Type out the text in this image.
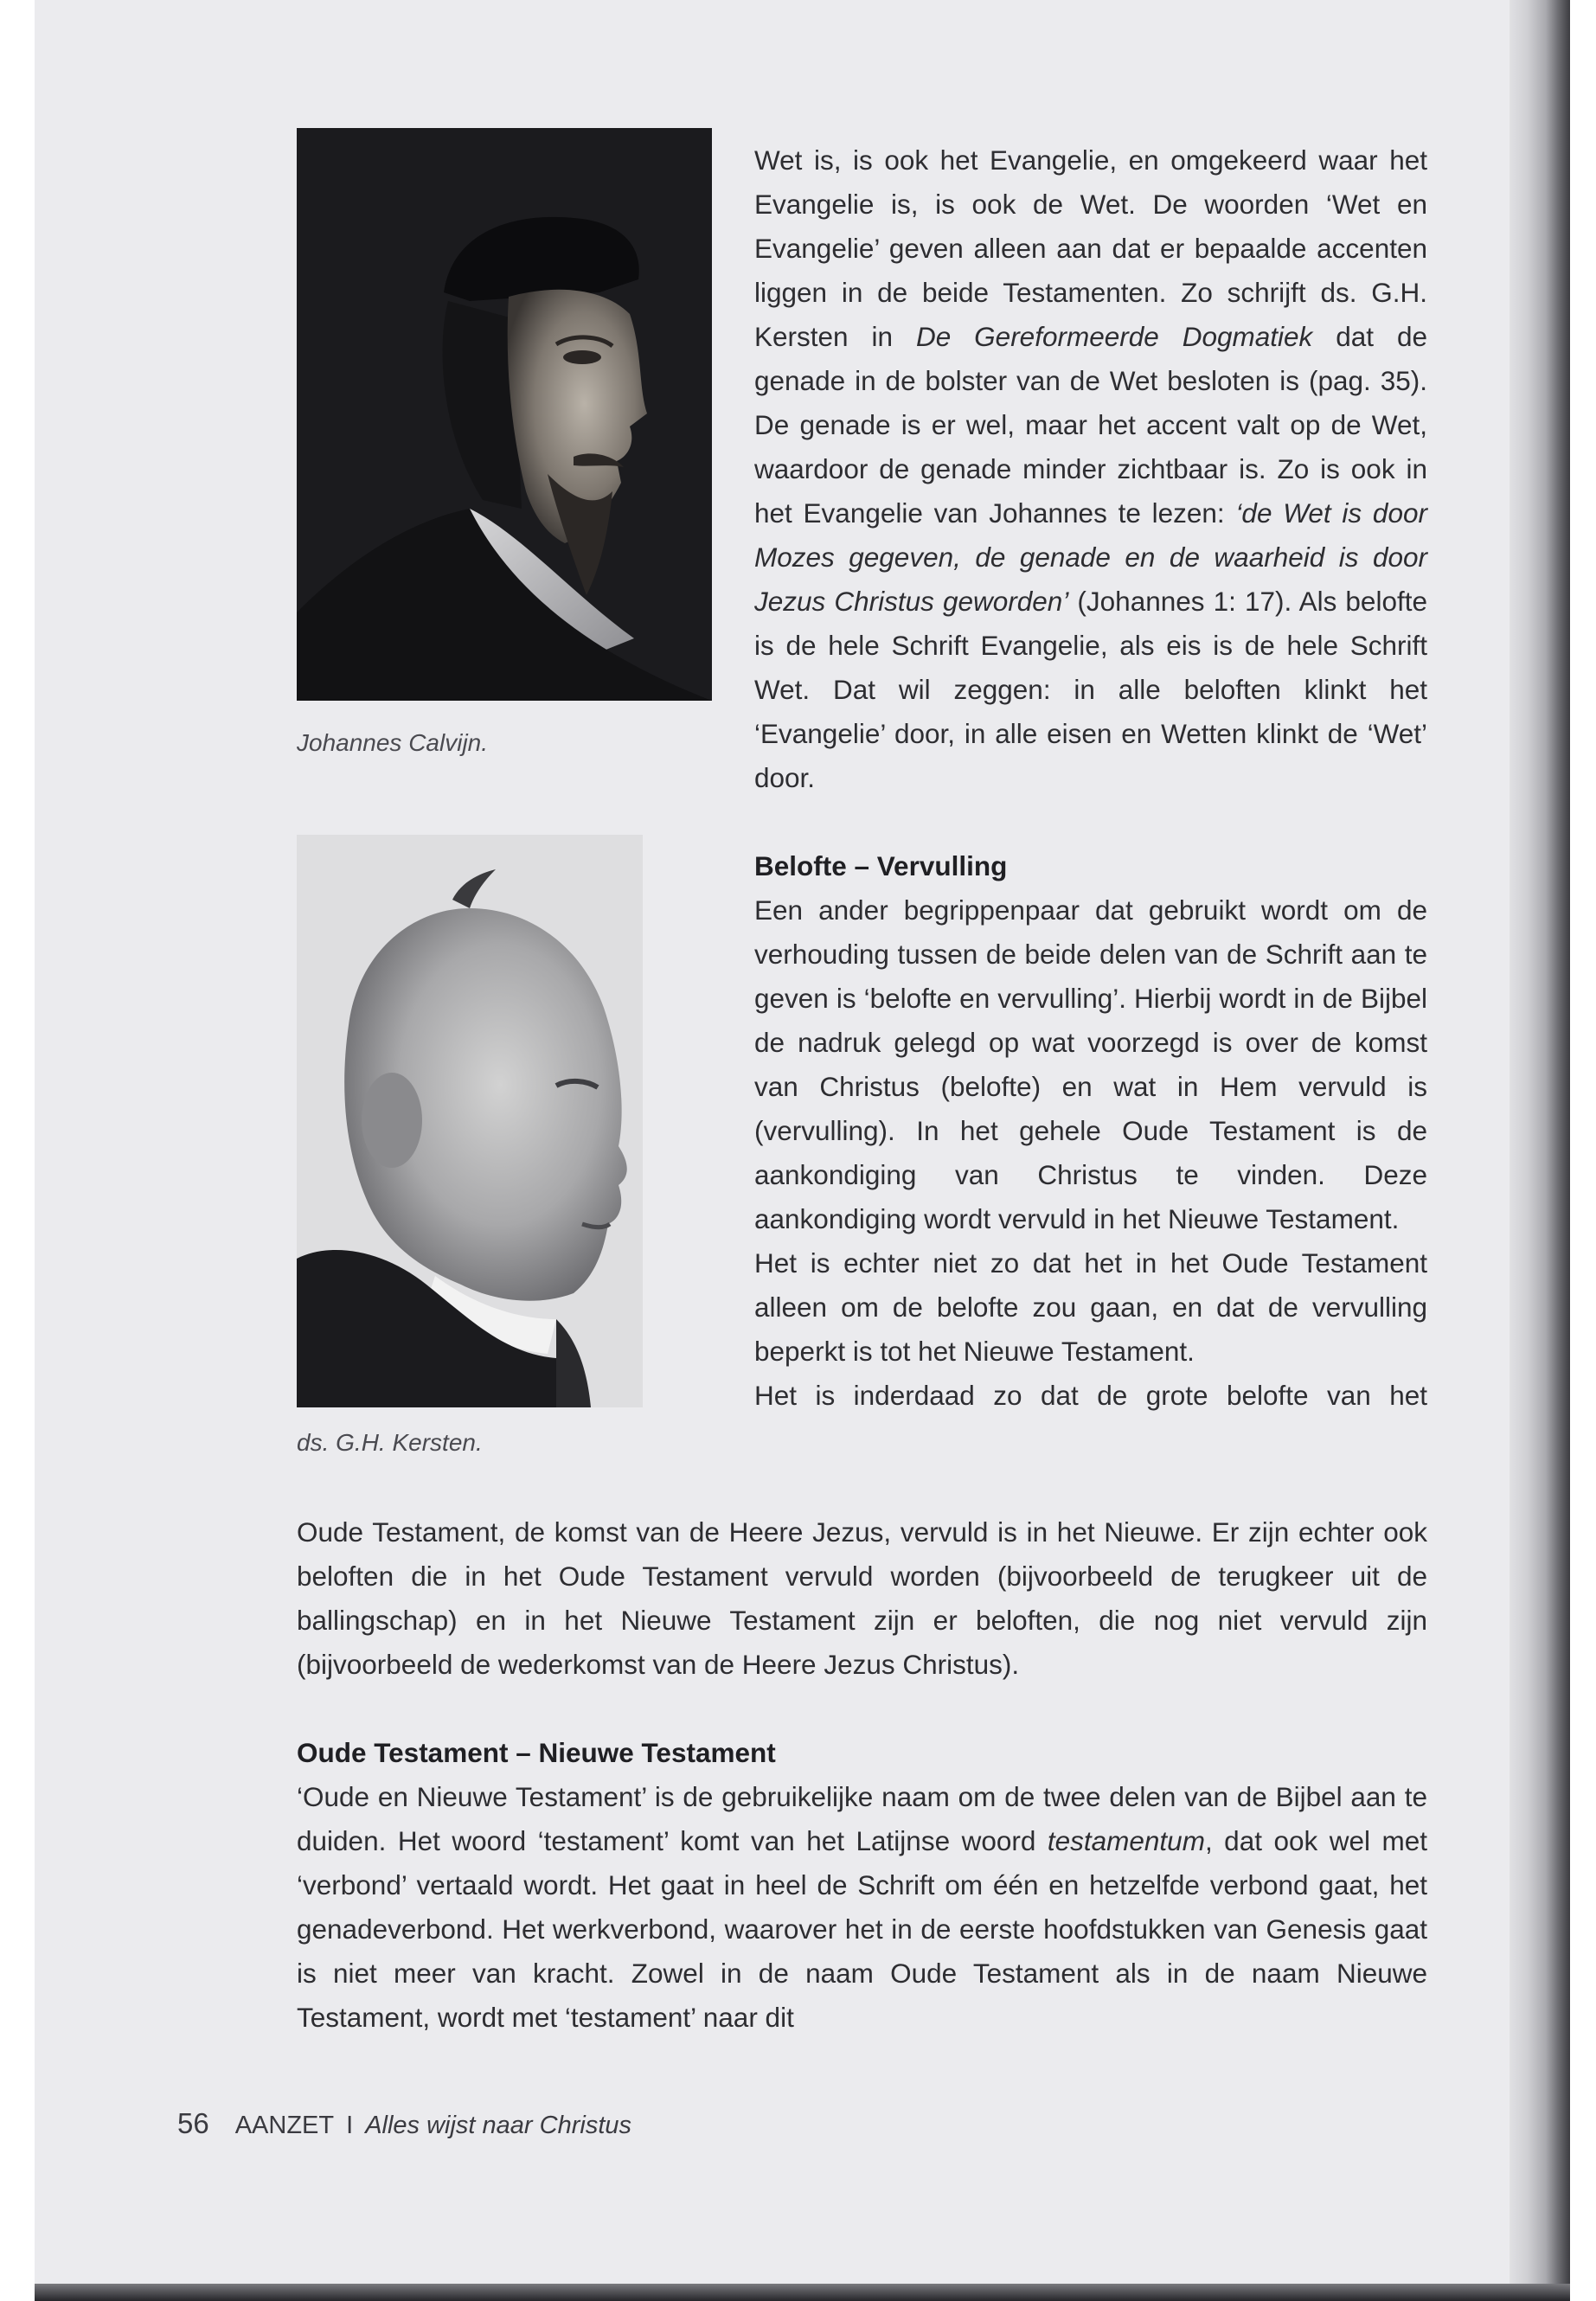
Johannes Calvijn.
ds. G.H. Kersten.

Wet is, is ook het Evangelie, en omgekeerd waar het Evangelie is, is ook de Wet. De woorden ‘Wet en Evangelie’ geven alleen aan dat er bepaalde accenten liggen in de beide Testamenten. Zo schrijft ds. G.H. Kersten in De Gereformeerde Dogmatiek dat de genade in de bolster van de Wet besloten is (pag. 35). De genade is er wel, maar het accent valt op de Wet, waardoor de genade minder zichtbaar is. Zo is ook in het Evangelie van Johannes te lezen: ‘de Wet is door Mozes gegeven, de genade en de waarheid is door Jezus Christus geworden’ (Johannes 1: 17). Als belofte is de hele Schrift Evangelie, als eis is de hele Schrift Wet. Dat wil zeggen: in alle beloften klinkt het ‘Evangelie’ door, in alle eisen en Wetten klinkt de ‘Wet’ door.

Belofte – Vervulling

Een ander begrippenpaar dat gebruikt wordt om de verhouding tussen de beide delen van de Schrift aan te geven is ‘belofte en vervulling’. Hierbij wordt in de Bijbel de nadruk gelegd op wat voorzegd is over de komst van Christus (belofte) en wat in Hem vervuld is (vervulling). In het gehele Oude Testament is de aankondiging van Christus te vinden. Deze aankondiging wordt vervuld in het Nieuwe Testament.

Het is echter niet zo dat het in het Oude Testament alleen om de belofte zou gaan, en dat de vervulling beperkt is tot het Nieuwe Testament.

Het is inderdaad zo dat de grote belofte van het

Oude Testament, de komst van de Heere Jezus, vervuld is in het Nieuwe. Er zijn echter ook beloften die in het Oude Testament vervuld worden (bijvoorbeeld de terugkeer uit de ballingschap) en in het Nieuwe Testament zijn er beloften, die nog niet vervuld zijn (bijvoorbeeld de wederkomst van de Heere Jezus Christus).

Oude Testament – Nieuwe Testament

‘Oude en Nieuwe Testament’ is de gebruikelijke naam om de twee delen van de Bijbel aan te duiden. Het woord ‘testament’ komt van het Latijnse woord testamentum, dat ook wel met ‘verbond’ vertaald wordt. Het gaat in heel de Schrift om één en hetzelfde verbond gaat, het genadeverbond. Het werkverbond, waarover het in de eerste hoofdstukken van Genesis gaat is niet meer van kracht. Zowel in de naam Oude Testament als in de naam Nieuwe Testament, wordt met ‘testament’ naar dit

56 AANZET I Alles wijst naar Christus
